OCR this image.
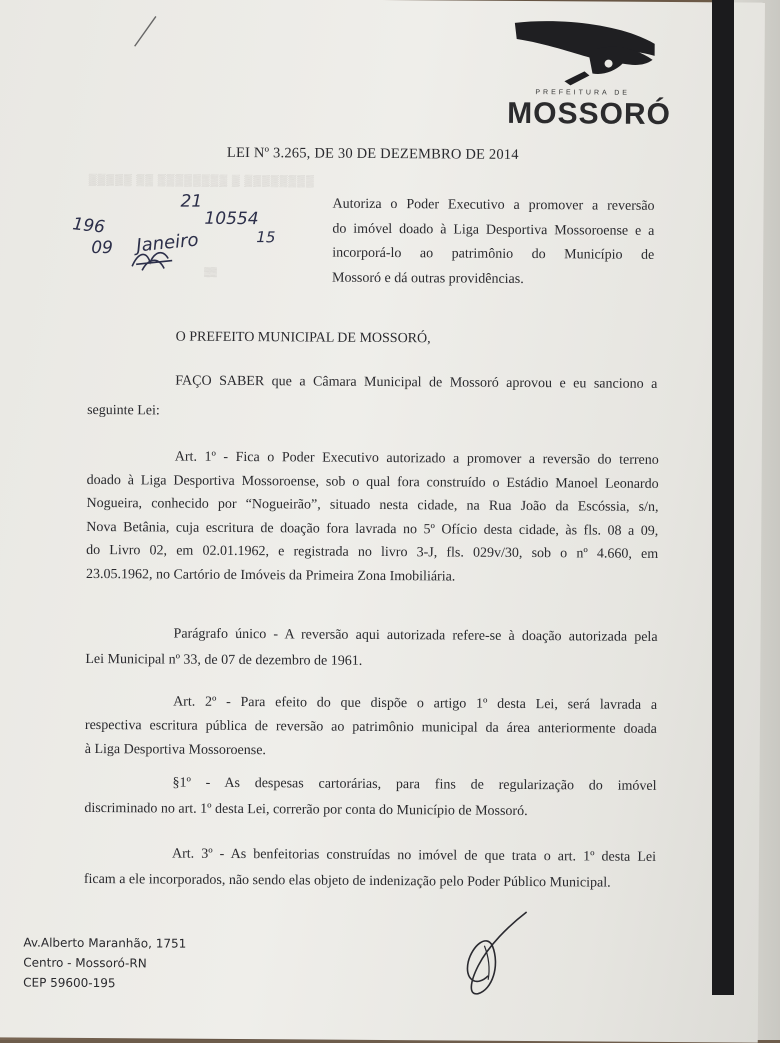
PREFEITURA DE
MOSSORÓ
LEI Nº 3.265, DE 30 DE DEZEMBRO DE 2014
▒▒▒▒▒ ▒▒ ▒▒▒▒▒▒▒▒ ▒ ▒▒▒▒▒▒▒▒
21
10554
196	15
09 Janeiro
▒▒
Autoriza o Poder Executivo a promover a reversão
do imóvel doado à Liga Desportiva Mossoroense e a
incorporá-lo ao patrimônio do Município de
Mossoró e dá outras providências.
O PREFEITO MUNICIPAL DE MOSSORÓ,
FAÇO SABER que a Câmara Municipal de Mossoró aprovou e eu sanciono a
seguinte Lei:
Art. 1º - Fica o Poder Executivo autorizado a promover a reversão do terreno
doado à Liga Desportiva Mossoroense, sob o qual fora construído o Estádio Manoel Leonardo
Nogueira, conhecido por “Nogueirão”, situado nesta cidade, na Rua João da Escóssia, s/n,
Nova Betânia, cuja escritura de doação fora lavrada no 5º Ofício desta cidade, às fls. 08 a 09,
do Livro 02, em 02.01.1962, e registrada no livro 3-J, fls. 029v/30, sob o nº 4.660, em
23.05.1962, no Cartório de Imóveis da Primeira Zona Imobiliária.
Parágrafo único - A reversão aqui autorizada refere-se à doação autorizada pela
Lei Municipal nº 33, de 07 de dezembro de 1961.
Art. 2º - Para efeito do que dispõe o artigo 1º desta Lei, será lavrada a
respectiva escritura pública de reversão ao patrimônio municipal da área anteriormente doada
à Liga Desportiva Mossoroense.
§1º - As despesas cartorárias, para fins de regularização do imóvel
discriminado no art. 1º desta Lei, correrão por conta do Município de Mossoró.
Art. 3º - As benfeitorias construídas no imóvel de que trata o art. 1º desta Lei
ficam a ele incorporados, não sendo elas objeto de indenização pelo Poder Público Municipal.
Av.Alberto Maranhão, 1751
Centro - Mossoró-RN
CEP 59600-195
